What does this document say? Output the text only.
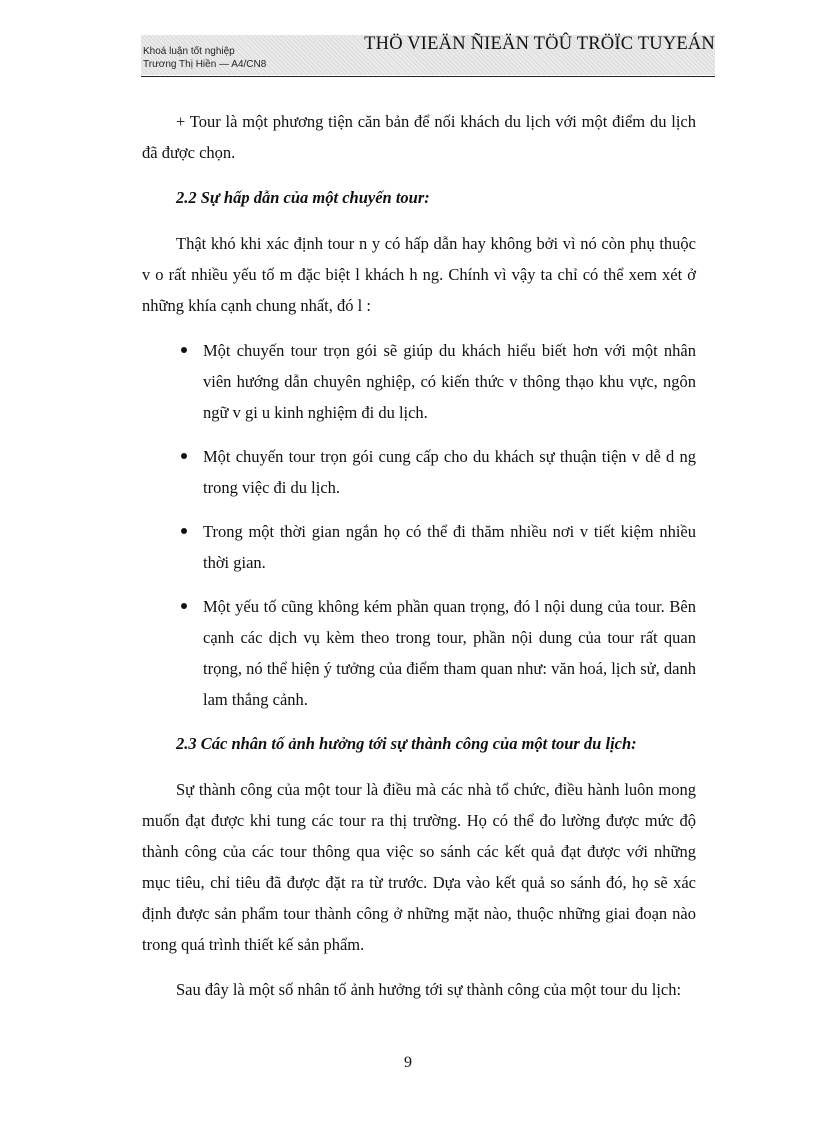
Khoá luận tốt nghiệp
Trương Thị Hiền — A4/CN8
THÖ VIEÄN ÑIEÄN TÖÛ TRÖÏC TUYEÁN

+ Tour là một phương tiện căn bản để nối khách du lịch với một điểm du lịch đã được chọn.

2.2 Sự hấp dẫn của một chuyến tour:

Thật khó khi xác định tour n y có hấp dẫn hay không bởi vì nó còn phụ thuộc v o rất nhiều yếu tố m đặc biệt l khách h ng. Chính vì vậy ta chỉ có thể xem xét ở những khía cạnh chung nhất, đó l :

Một chuyến tour trọn gói sẽ giúp du khách hiểu biết hơn với một nhân viên hướng dẫn chuyên nghiệp, có kiến thức v thông thạo khu vực, ngôn ngữ v gi u kinh nghiệm đi du lịch.
Một chuyến tour trọn gói cung cấp cho du khách sự thuận tiện v dễ d ng trong việc đi du lịch.
Trong một thời gian ngắn họ có thể đi thăm nhiều nơi v tiết kiệm nhiều thời gian.
Một yếu tố cũng không kém phần quan trọng, đó l nội dung của tour. Bên cạnh các dịch vụ kèm theo trong tour, phần nội dung của tour rất quan trọng, nó thể hiện ý tưởng của điểm tham quan như: văn hoá, lịch sử, danh lam thắng cảnh.

2.3 Các nhân tố ảnh hưởng tới sự thành công của một tour du lịch:

Sự thành công của một tour là điều mà các nhà tổ chức, điều hành luôn mong muốn đạt được khi tung các tour ra thị trường. Họ có thể đo lường được mức độ thành công của các tour thông qua việc so sánh các kết quả đạt được với những mục tiêu, chỉ tiêu đã được đặt ra từ trước. Dựa vào kết quả so sánh đó, họ sẽ xác định được sản phẩm tour thành công ở những mặt nào, thuộc những giai đoạn nào trong quá trình thiết kế sản phẩm.

Sau đây là một số nhân tố ảnh hưởng tới sự thành công của một tour du lịch:

9
